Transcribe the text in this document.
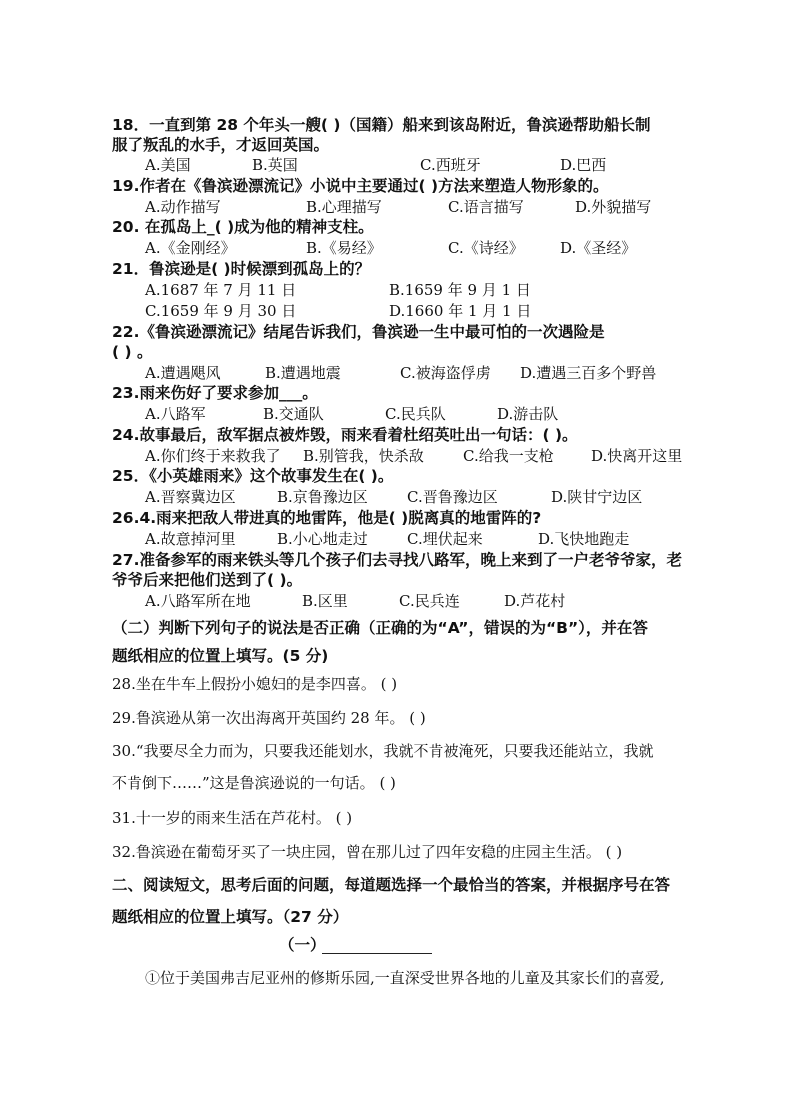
18．一直到第 28 个年头一艘( )（国籍）船来到该岛附近，鲁滨逊帮助船长制
服了叛乱的水手，才返回英国。
A.美国	B.英国	C.西班牙	D.巴西
19.作者在《鲁滨逊漂流记》小说中主要通过( )方法来塑造人物形象的。
A.动作描写	B.心理描写	C.语言描写	D.外貌描写
20. 在孤岛上_( )成为他的精神支柱。
A.《金刚经》	B.《易经》	C.《诗经》 D.《圣经》
21．鲁滨逊是( )时候漂到孤岛上的？
A.1687 年 7 月 11 日	B.1659 年 9 月 1 日
C.1659 年 9 月 30 日	D.1660 年 1 月 1 日
22.《鲁滨逊漂流记》结尾告诉我们，鲁滨逊一生中最可怕的一次遇险是
( ) 。
A.遭遇飓风	B.遭遇地震	C.被海盗俘虏 D.遭遇三百多个野兽
23.雨来伤好了要求参加___。
A.八路军	B.交通队	C.民兵队	D.游击队
24.故事最后，敌军据点被炸毁，雨来看着杜绍英吐出一句话：( )。
A.你们终于来救我了 B.别管我，快杀敌	C.给我一支枪 D.快离开这里
25．《小英雄雨来》这个故事发生在( )。
A.晋察冀边区	B.京鲁豫边区	C.晋鲁豫边区	D.陕甘宁边区
26.4.雨来把敌人带进真的地雷阵，他是( )脱离真的地雷阵的?
A.故意掉河里	B.小心地走过	C.埋伏起来	D.飞快地跑走
27.准备参军的雨来铁头等几个孩子们去寻找八路军，晚上来到了一户老爷爷家，老
爷爷后来把他们送到了( )。
A.八路军所在地	B.区里	C.民兵连	D.芦花村
（二）判断下列句子的说法是否正确（正确的为“A”，错误的为“B”），并在答
题纸相应的位置上填写。(5 分)
28.坐在牛车上假扮小媳妇的是李四喜。 ( )
29.鲁滨逊从第一次出海离开英国约 28 年。 ( )
30.“我要尽全力而为，只要我还能划水，我就不肯被淹死，只要我还能站立，我就
不肯倒下……”这是鲁滨逊说的一句话。 ( )
31.十一岁的雨来生活在芦花村。 ( )
32.鲁滨逊在葡萄牙买了一块庄园，曾在那儿过了四年安稳的庄园主生活。 ( )
二、阅读短文，思考后面的问题，每道题选择一个最恰当的答案，并根据序号在答
题纸相应的位置上填写。（27 分）
（一）
①位于美国弗吉尼亚州的修斯乐园,一直深受世界各地的儿童及其家长们的喜爱,
